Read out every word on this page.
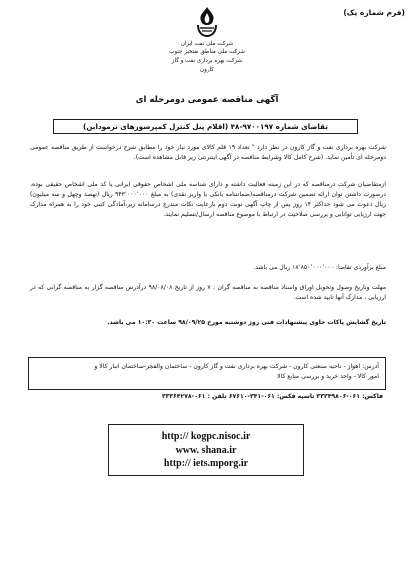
(فرم شماره یک)
شرکت ملی نفت ایران
شرکت ملی مناطق نفتخیز جنوب
شرکت بهره برداری نفت و گاز
کارون
آگهی مناقصه عمومی دومرحله ای
تقاضای شماره ۹۷۰۰۱۹۷-۴۸ (اقلام پنل کنترل کمپرسورهای ترمودابن)
شرکت بهره برداری نفت و گاز کارون در نظر دارد " تعداد ۱۹ قلم کالای مورد نیاز خود را مطابق شرح درخواست از طریق مناقصه عمومی دومرحله ای تأمین نماید. (شرح کامل کالا وشرایط مناقصه در آگهی اینترنتی زیر قابل مشاهده است).
ازمتقاضیان شرکت درمناقصه که در این زمینه فعالیت داشته و دارای شناسه ملی اشخاص حقوقی ایرانی یا کد ملی اشخاص حقیقی بوده، درصورت داشتن توان ارائه تضمین شرکت درمناقصه(ضمانتنامه بانکی یا واریز نقدی) به مبلغ ۹۴۳٬۰۰۰٬۰۰۰ ریال (نهصد وچهل و سه میلیون) ریال دعوت می شود حداکثر ۱۴ روز پس از چاپ آگهی نوبت دوم بارعایت نکات مندرج درسامانه زیر،آمادگی کتبی خود را به همراه مدارک جهت ارزیابی توانایی و بررسی صلاحیت در ارتباط با موضوع مناقصه ارسال/تسلیم نمایند.
مبلغ برآوردی تقاضا: ۱۸٬۸۵۰٬۰۰۰٬۰۰۰ ریال می باشد.
مهلت وتاریخ وصول وتحویل اوراق واسناد مناقصه به مناقصه گران : ۷ روز از تاریخ ۹۸/۰۸/۰۸ درآدرس مناقصه گزار به مناقصه گرانی که در ارزیابی ، مدارک آنها تایید شده است.
تاریخ گشایش پاکات حاوی پیشنهادات فنی روز دوشنبه مورخ ۹۸/۰۹/۲۵ ساعت ۱۰:۳۰ می باشد.
آدرس: اهواز - ناحیه صنعتی کارون - شرکت بهره برداری نفت و گاز کارون - ساختمان والفجر-ساختمان انبار کالا و
امور کالا - واحد خرید و بررسی منابع کالا
فاکس: ۰۶۱-۳۳۳۴۹۸۰۶ تاسیه فکس: ۰۶۱-۳۴۱-۶۷۶۱۰ تلفن : ۰۶۱-۳۳۳۶۴۲۷۸
http:// kogpc.nisoc.ir
www. shana.ir
http:// iets.mporg.ir
